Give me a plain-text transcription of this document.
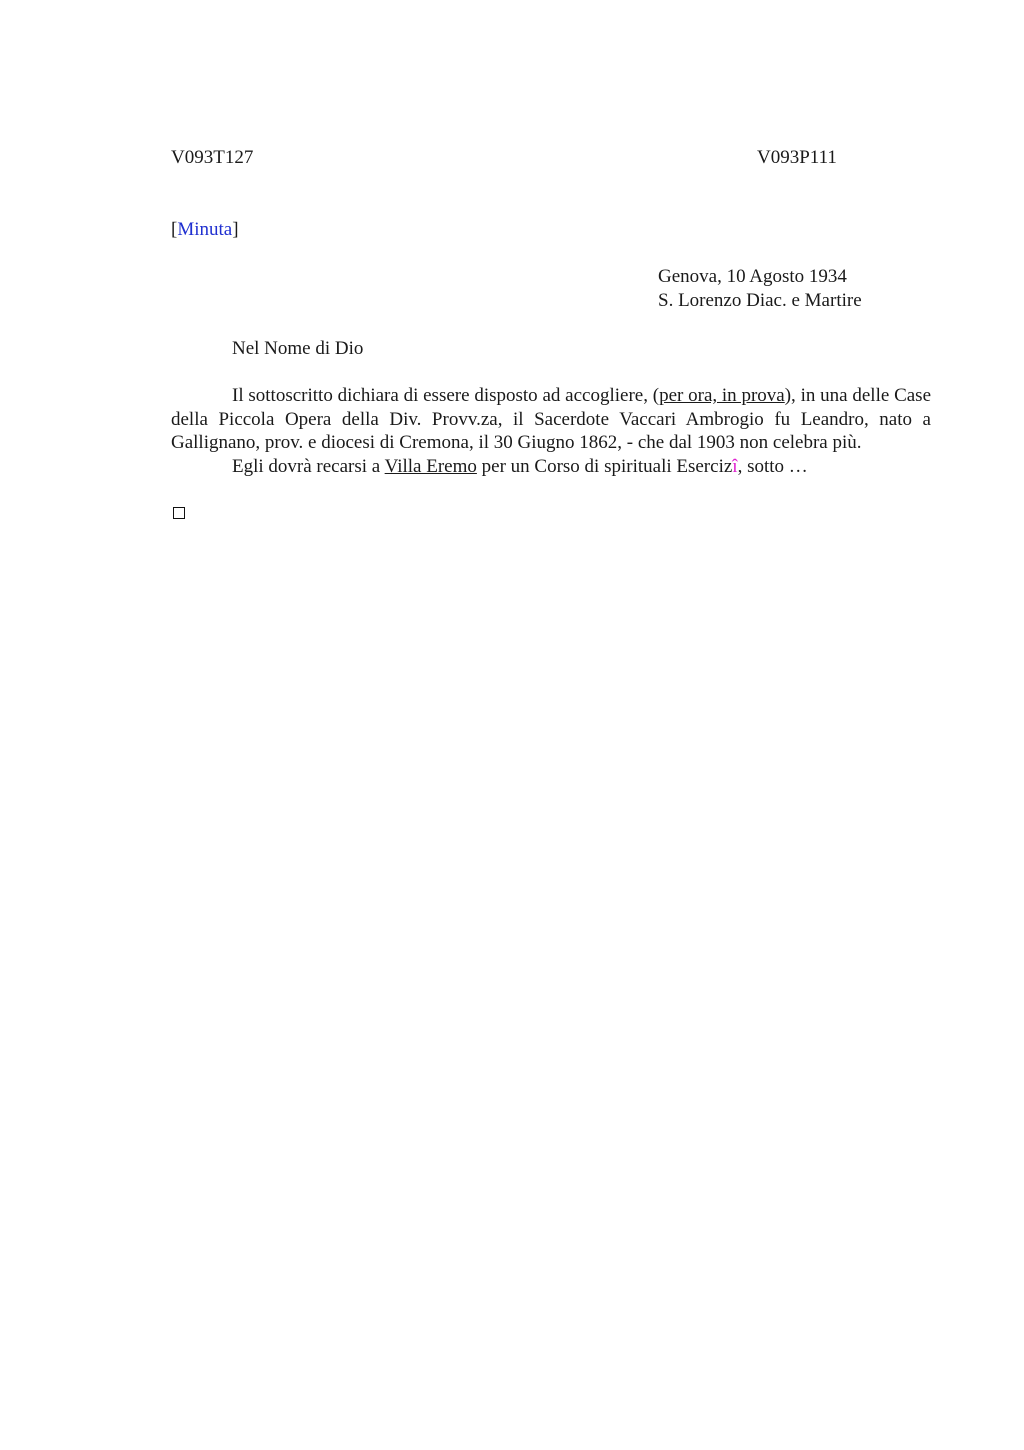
V093T127	V093P111
[Minuta]
Genova, 10 Agosto 1934
S. Lorenzo Diac. e Martire
Nel Nome di Dio

Il sottoscritto dichiara di essere disposto ad accogliere, (per ora, in prova), in una delle Case della Piccola Opera della Div. Provv.za, il Sacerdote Vaccari Ambrogio fu Leandro, nato a Gallignano, prov. e diocesi di Cremona, il 30 Giugno 1862, - che dal 1903 non celebra più.

Egli dovrà recarsi a Villa Eremo per un Corso di spirituali Esercizî, sotto …
